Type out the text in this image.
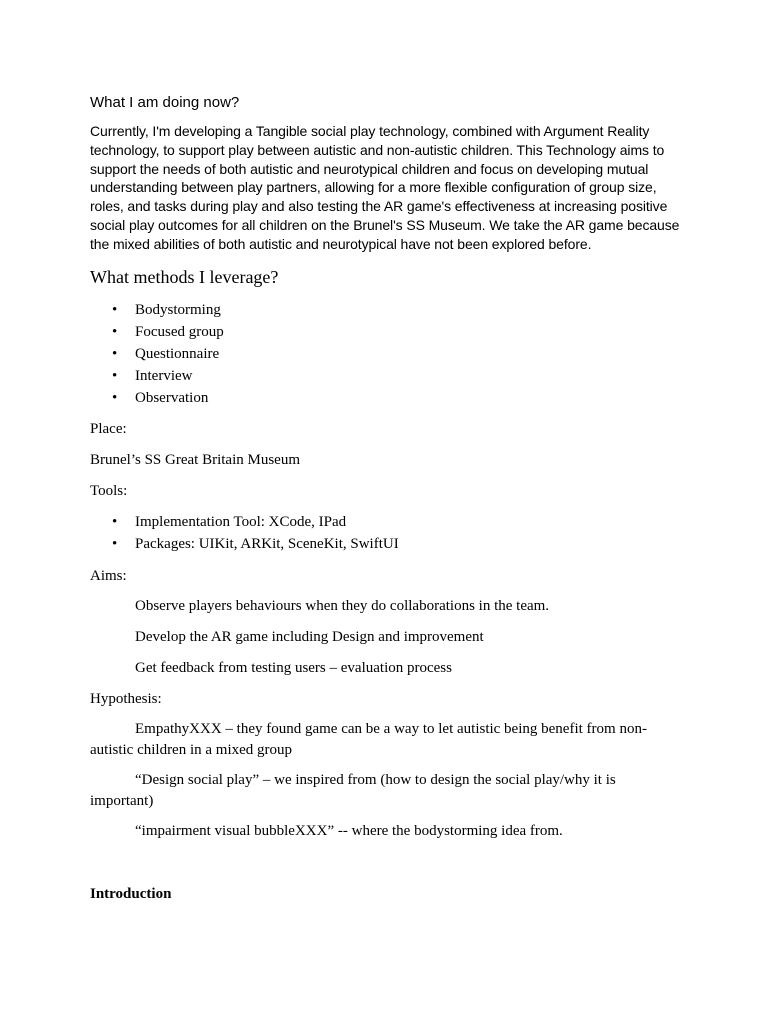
What I am doing now?

Currently, I'm developing a Tangible social play technology, combined with Argument Reality technology, to support play between autistic and non-autistic children. This Technology aims to support the needs of both autistic and neurotypical children and focus on developing mutual understanding between play partners, allowing for a more flexible configuration of group size, roles, and tasks during play and also testing the AR game's effectiveness at increasing positive social play outcomes for all children on the Brunel's SS Museum. We take the AR game because the mixed abilities of both autistic and neurotypical have not been explored before.

What methods I leverage?
• Bodystorming
• Focused group
• Questionnaire
• Interview
• Observation

Place:

Brunel’s SS Great Britain Museum

Tools:

• Implementation Tool: XCode, IPad
• Packages: UIKit, ARKit, SceneKit, SwiftUI

Aims:

Observe players behaviours when they do collaborations in the team.

Develop the AR game including Design and improvement

Get feedback from testing users – evaluation process

Hypothesis:

EmpathyXXX – they found game can be a way to let autistic being benefit from non-autistic children in a mixed group

“Design social play” – we inspired from (how to design the social play/why it is important)

“impairment visual bubbleXXX” -- where the bodystorming idea from.

Introduction
